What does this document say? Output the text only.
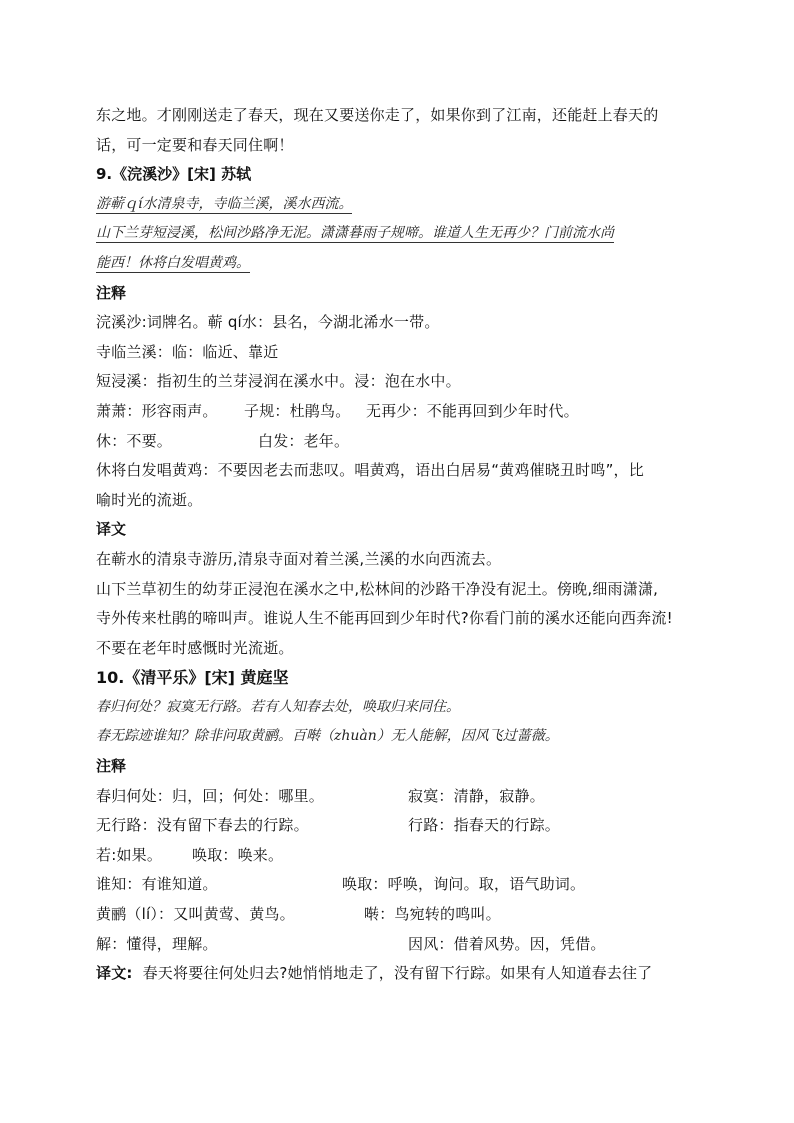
东之地。才刚刚送走了春天，现在又要送你走了，如果你到了江南，还能赶上春天的
话，可一定要和春天同住啊！
9.《浣溪沙》[宋] 苏轼
游蕲ｑí水清泉寺，寺临兰溪，溪水西流。
山下兰芽短浸溪，松间沙路净无泥。潇潇暮雨子规啼。谁道人生无再少？门前流水尚
能西！休将白发唱黄鸡。
注释
浣溪沙:词牌名。蕲 qí水：县名，今湖北浠水一带。
寺临兰溪：临：临近、靠近
短浸溪：指初生的兰芽浸润在溪水中。浸：泡在水中。
萧萧：形容雨声。 子规：杜鹃鸟。 无再少：不能再回到少年时代。
休：不要。	白发：老年。
休将白发唱黄鸡：不要因老去而悲叹。唱黄鸡，语出白居易“黄鸡催晓丑时鸣”，比
喻时光的流逝。
译文
在蕲水的清泉寺游历,清泉寺面对着兰溪,兰溪的水向西流去。
山下兰草初生的幼芽正浸泡在溪水之中,松林间的沙路干净没有泥土。傍晚,细雨潇潇,
寺外传来杜鹃的啼叫声。谁说人生不能再回到少年时代?你看门前的溪水还能向西奔流!
不要在老年时感慨时光流逝。
10.《清平乐》[宋] 黄庭坚
春归何处？寂寞无行路。若有人知春去处，唤取归来同住。
春无踪迹谁知？除非问取黄鹂。百啭（zhuàn）无人能解，因风飞过蔷薇。
注释
春归何处：归，回；何处：哪里。	寂寞：清静，寂静。
无行路：没有留下春去的行踪。	行路：指春天的行踪。
若:如果。 唤取：唤来。
谁知：有谁知道。	唤取：呼唤，询问。取，语气助词。
黄鹂（lí）：又叫黄莺、黄鸟。	啭：鸟宛转的鸣叫。
解：懂得，理解。	因风：借着风势。因，凭借。
译文: 春天将要往何处归去?她悄悄地走了，没有留下行踪。如果有人知道春去往了
